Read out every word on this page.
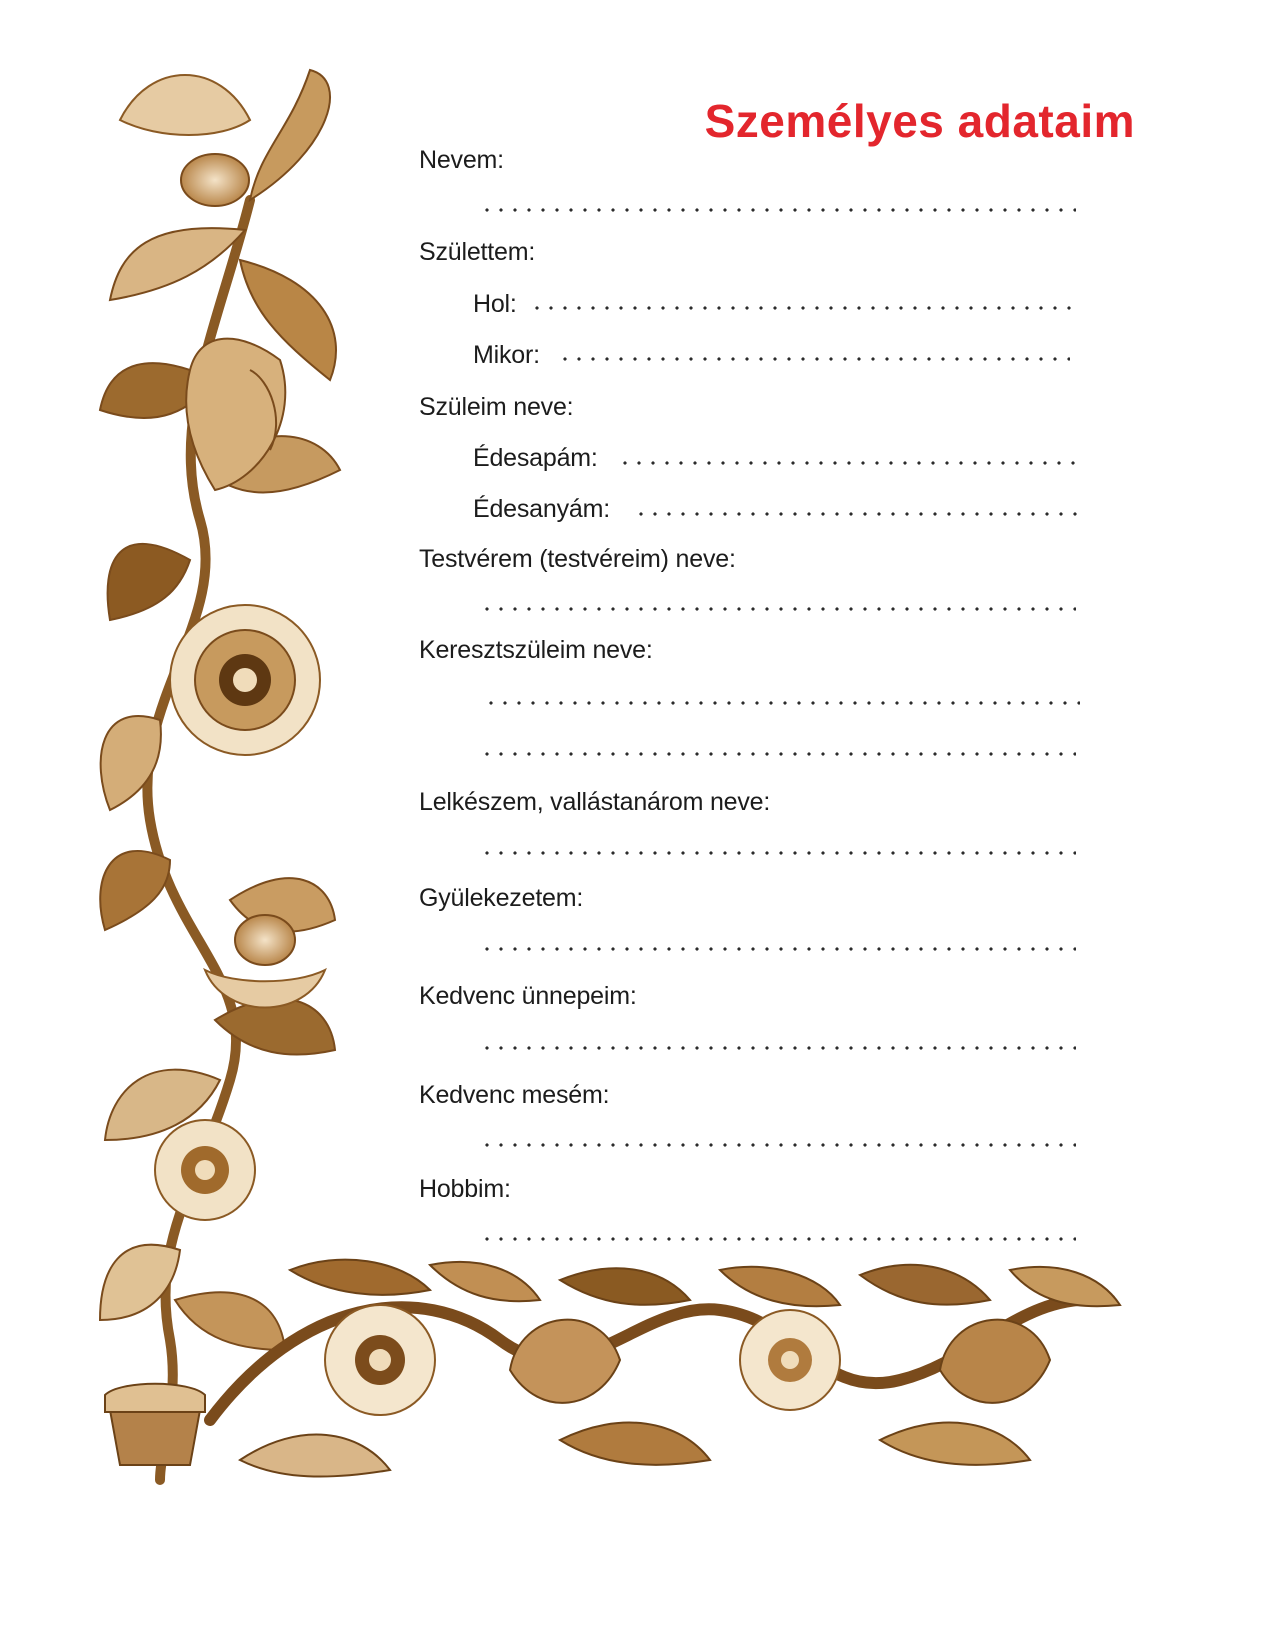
Személyes adataim
Nevem:
Születtem:
Hol:
Mikor:
Szüleim neve:
Édesapám:
Édesanyám:
Testvérem (testvéreim) neve:
Keresztszüleim neve:
Lelkészem, vallástanárom neve:
Gyülekezetem:
Kedvenc ünnepeim:
Kedvenc mesém:
Hobbim:
